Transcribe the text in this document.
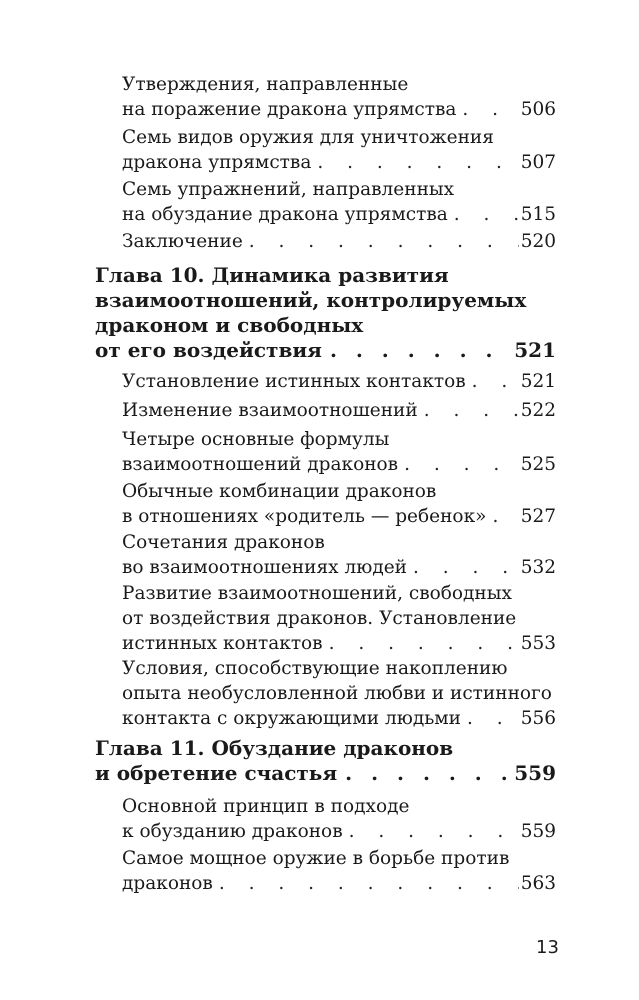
Утверждения, направленные
на поражение дракона упрямства . . .	506
Семь видов оружия для уничтожения
дракона упрямства . . .	507
Семь упражнений, направленных
на обуздание дракона упрямства . . .	515
Заключение . . .	520
Глава 10. Динамика развития
взаимоотношений, контролируемых
драконом и свободных
от его воздействия . . .	521
Установление истинных контактов . . .	521
Изменение взаимоотношений . . .	522
Четыре основные формулы
взаимоотношений драконов . . .	525
Обычные комбинации драконов
в отношениях «родитель — ребенок» . . . 527
Сочетания драконов
во взаимоотношениях людей . . .	532
Развитие взаимоотношений, свободных
от воздействия драконов. Установление
истинных контактов . . .	553
Условия, способствующие накоплению
опыта необусловленной любви и истинного
контакта с окружающими людьми . . .	556
Глава 11. Обуздание драконов
и обретение счастья . . .	559
Основной принцип в подходе
к обузданию драконов . . .	559
Самое мощное оружие в борьбе против
драконов . . .	563
13
